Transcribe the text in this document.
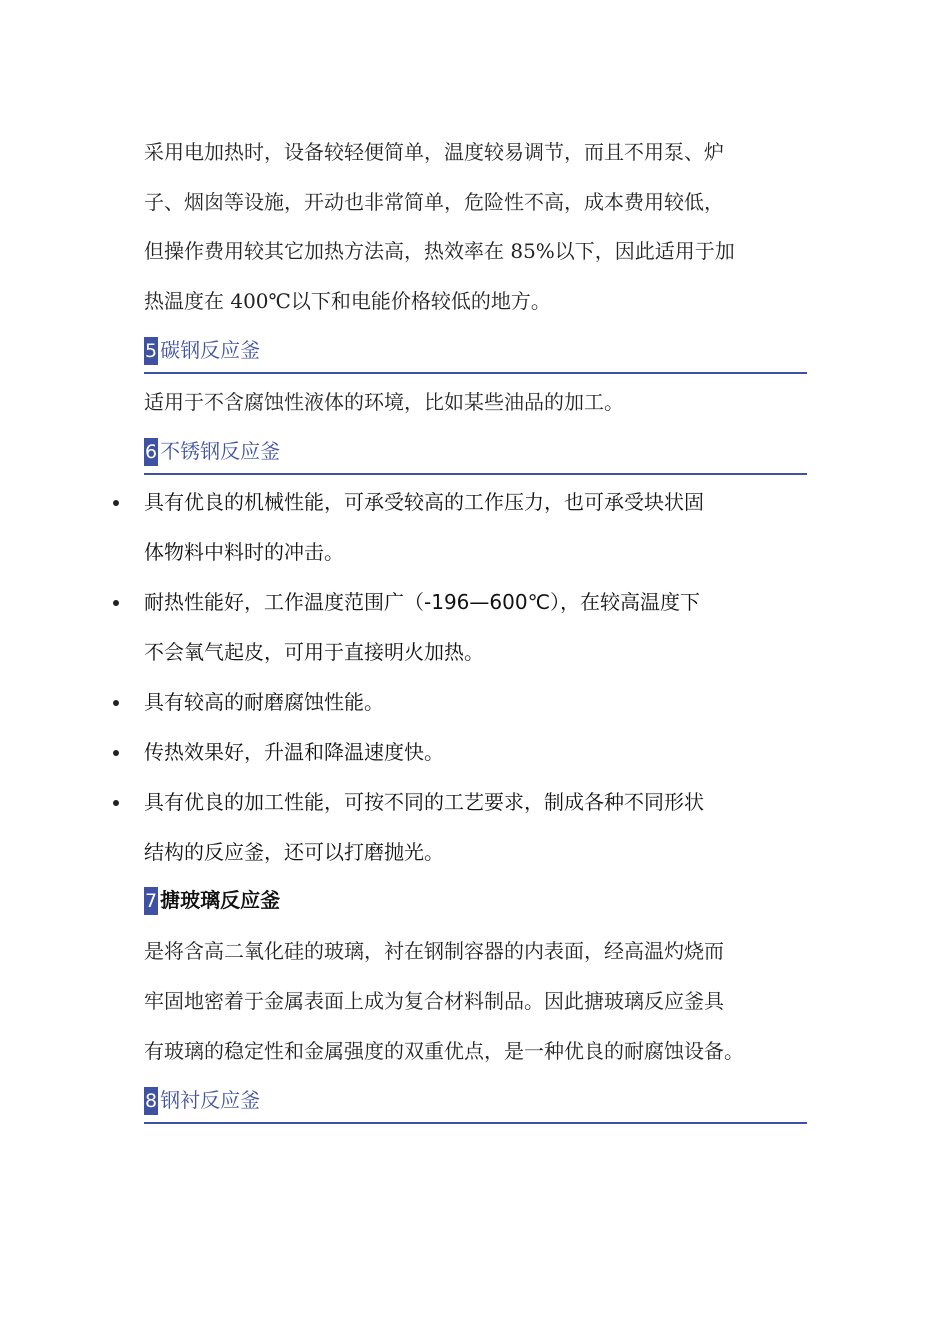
采用电加热时，设备较轻便简单，温度较易调节，而且不用泵、炉
子、烟囱等设施，开动也非常简单，危险性不高，成本费用较低，
但操作费用较其它加热方法高，热效率在 85%以下，因此适用于加
热温度在 400℃以下和电能价格较低的地方。
5 碳钢反应釜
适用于不含腐蚀性液体的环境，比如某些油品的加工。
6 不锈钢反应釜
具有优良的机械性能，可承受较高的工作压力，也可承受块状固
体物料中料时的冲击。
耐热性能好，工作温度范围广（-196—600℃），在较高温度下
不会氧气起皮，可用于直接明火加热。
具有较高的耐磨腐蚀性能。
传热效果好，升温和降温速度快。
具有优良的加工性能，可按不同的工艺要求，制成各种不同形状
结构的反应釜，还可以打磨抛光。
7 搪玻璃反应釜
是将含高二氧化硅的玻璃，衬在钢制容器的内表面，经高温灼烧而
牢固地密着于金属表面上成为复合材料制品。因此搪玻璃反应釜具
有玻璃的稳定性和金属强度的双重优点，是一种优良的耐腐蚀设备。
8 钢衬反应釜
